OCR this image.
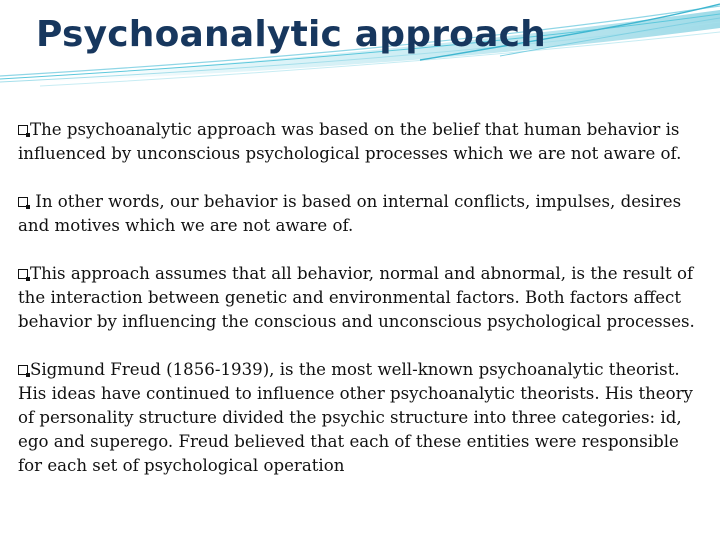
Psychoanalytic approach

The psychoanalytic approach was based on the belief that human behavior is influenced by unconscious psychological processes which we are not aware of.

In other words, our behavior is based on internal conflicts, impulses, desires and motives which we are not aware of.

This approach assumes that all behavior, normal and abnormal, is the result of the interaction between genetic and environmental factors. Both factors affect behavior by influencing the conscious and unconscious psychological processes.

Sigmund Freud (1856-1939), is the most well-known psychoanalytic theorist. His ideas have continued to influence other psychoanalytic theorists. His theory of personality structure divided the psychic structure into three categories: id, ego and superego. Freud believed that each of these entities were responsible for each set of psychological operation
